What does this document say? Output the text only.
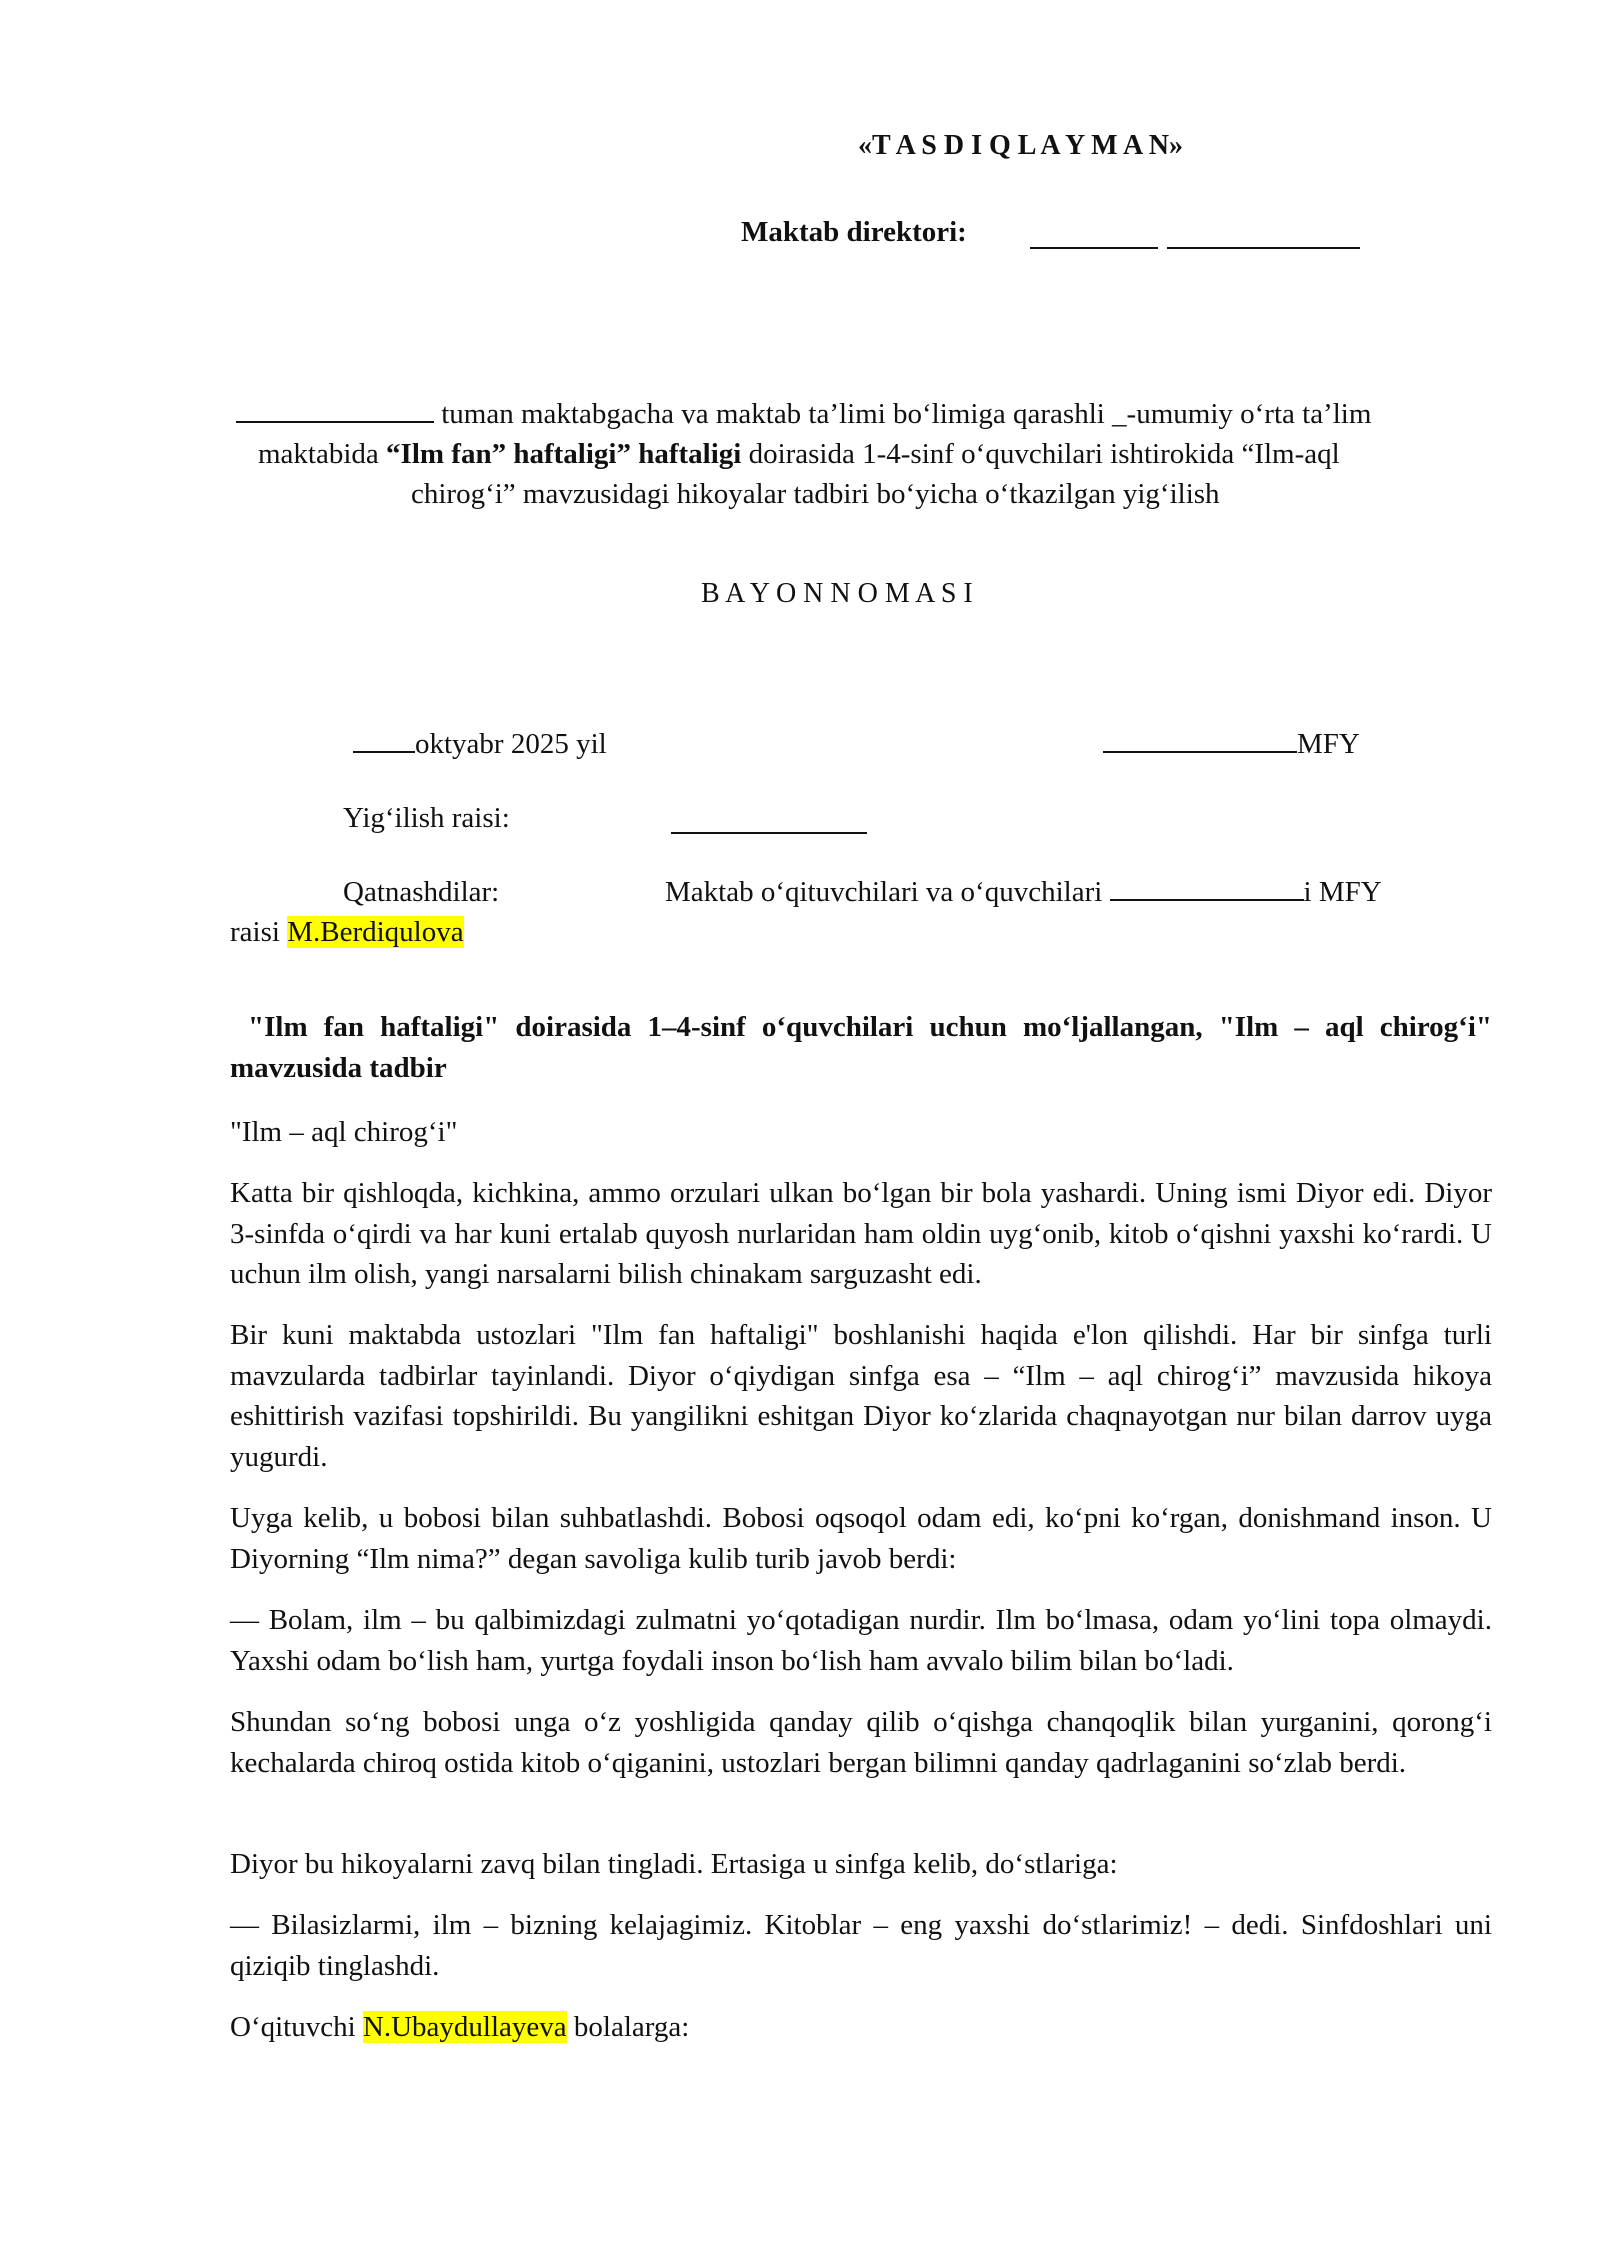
«T A S D I Q L A Y M A N»
Maktab direktori:
tuman maktabgacha va maktab ta’limi bo‘limiga qarashli _-umumiy o‘rta ta’lim
maktabida “Ilm fan” haftaligi” haftaligi doirasida 1-4-sinf o‘quvchilari ishtirokida “Ilm-aql
chirog‘i” mavzusidagi hikoyalar tadbiri bo‘yicha o‘tkazilgan yig‘ilish
B A Y O N N O M A S I
oktyabr 2025 yil	MFY
Yig‘ilish raisi:
Qatnashdilar:	Maktab o‘qituvchilari va o‘quvchilari	i MFY
raisi M.Berdiqulova

"Ilm fan haftaligi" doirasida 1–4-sinf o‘quvchilari uchun mo‘ljallangan, "Ilm – aql chirog‘i" mavzusida tadbir

"Ilm – aql chirog‘i"

Katta bir qishloqda, kichkina, ammo orzulari ulkan bo‘lgan bir bola yashardi. Uning ismi Diyor edi. Diyor 3-sinfda o‘qirdi va har kuni ertalab quyosh nurlaridan ham oldin uyg‘onib, kitob o‘qishni yaxshi ko‘rardi. U uchun ilm olish, yangi narsalarni bilish chinakam sarguzasht edi.

Bir kuni maktabda ustozlari "Ilm fan haftaligi" boshlanishi haqida e'lon qilishdi. Har bir sinfga turli mavzularda tadbirlar tayinlandi. Diyor o‘qiydigan sinfga esa – “Ilm – aql chirog‘i” mavzusida hikoya eshittirish vazifasi topshirildi. Bu yangilikni eshitgan Diyor ko‘zlarida chaqnayotgan nur bilan darrov uyga yugurdi.

Uyga kelib, u bobosi bilan suhbatlashdi. Bobosi oqsoqol odam edi, ko‘pni ko‘rgan, donishmand inson. U Diyorning “Ilm nima?” degan savoliga kulib turib javob berdi:

— Bolam, ilm – bu qalbimizdagi zulmatni yo‘qotadigan nurdir. Ilm bo‘lmasa, odam yo‘lini topa olmaydi. Yaxshi odam bo‘lish ham, yurtga foydali inson bo‘lish ham avvalo bilim bilan bo‘ladi.

Shundan so‘ng bobosi unga o‘z yoshligida qanday qilib o‘qishga chanqoqlik bilan yurganini, qorong‘i kechalarda chiroq ostida kitob o‘qiganini, ustozlari bergan bilimni qanday qadrlaganini so‘zlab berdi.

Diyor bu hikoyalarni zavq bilan tingladi. Ertasiga u sinfga kelib, do‘stlariga:

— Bilasizlarmi, ilm – bizning kelajagimiz. Kitoblar – eng yaxshi do‘stlarimiz! – dedi. Sinfdoshlari uni qiziqib tinglashdi.

O‘qituvchi N.Ubaydullayeva bolalarga:
